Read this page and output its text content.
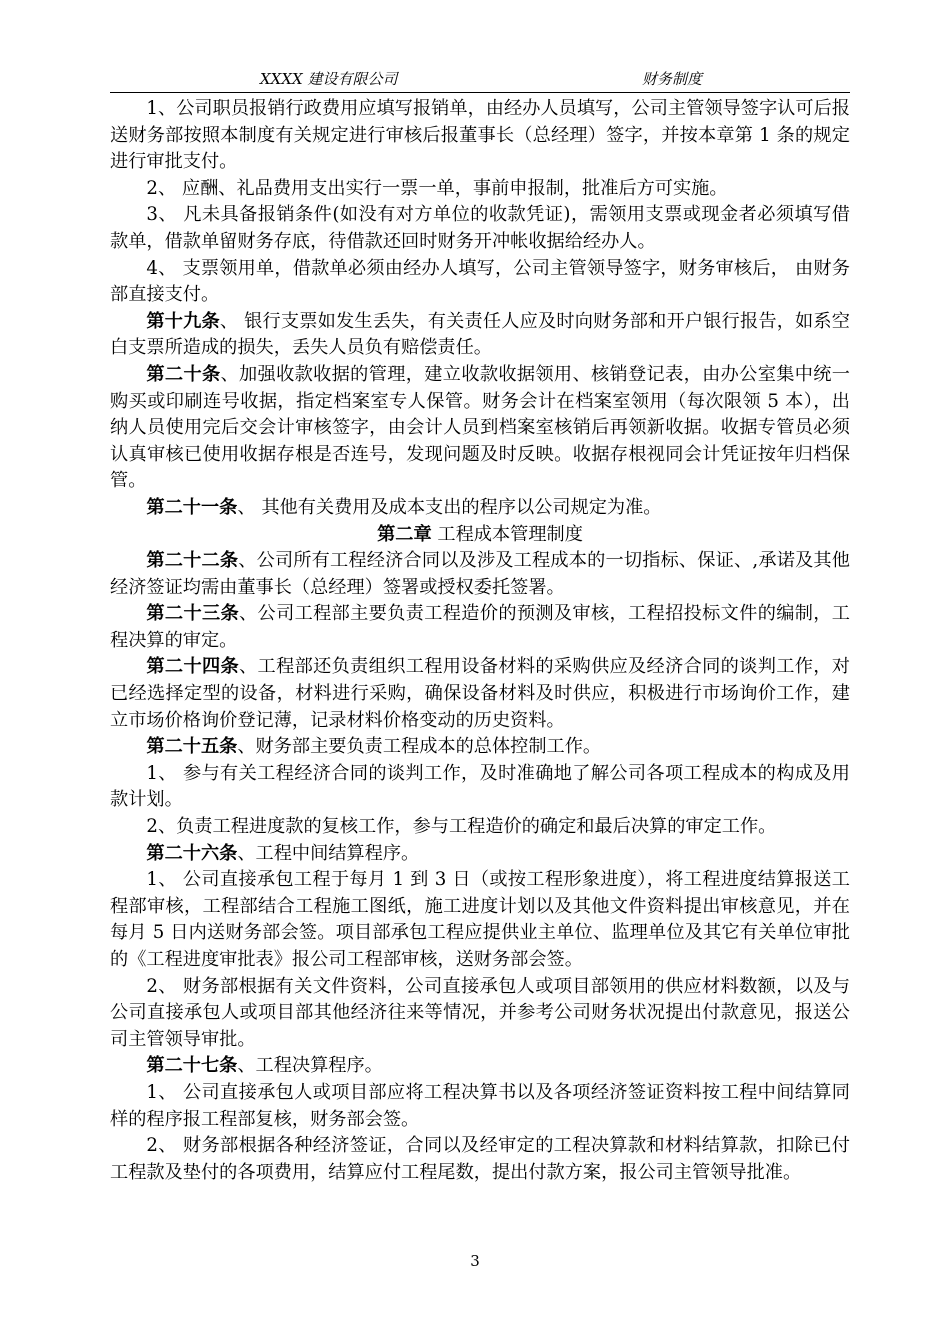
XXXX 建设有限公司	财务制度

1、公司职员报销行政费用应填写报销单，由经办人员填写，公司主管领导签字认可后报送财务部按照本制度有关规定进行审核后报董事长（总经理）签字，并按本章第 1 条的规定进行审批支付。

2、 应酬、礼品费用支出实行一票一单，事前申报制，批准后方可实施。

3、 凡未具备报销条件(如没有对方单位的收款凭证)，需领用支票或现金者必须填写借款单，借款单留财务存底，待借款还回时财务开冲帐收据给经办人。

4、 支票领用单，借款单必须由经办人填写，公司主管领导签字，财务审核后， 由财务部直接支付。

第十九条、 银行支票如发生丢失，有关责任人应及时向财务部和开户银行报告，如系空白支票所造成的损失，丢失人员负有赔偿责任。

第二十条、加强收款收据的管理，建立收款收据领用、核销登记表，由办公室集中统一购买或印刷连号收据，指定档案室专人保管。财务会计在档案室领用（每次限领 5 本），出纳人员使用完后交会计审核签字，由会计人员到档案室核销后再领新收据。收据专管员必须认真审核已使用收据存根是否连号，发现问题及时反映。收据存根视同会计凭证按年归档保管。

第二十一条、 其他有关费用及成本支出的程序以公司规定为准。

第二章 工程成本管理制度

第二十二条、公司所有工程经济合同以及涉及工程成本的一切指标、保证、,承诺及其他经济签证均需由董事长（总经理）签署或授权委托签署。

第二十三条、公司工程部主要负责工程造价的预测及审核，工程招投标文件的编制，工程决算的审定。

第二十四条、工程部还负责组织工程用设备材料的采购供应及经济合同的谈判工作，对已经选择定型的设备，材料进行采购，确保设备材料及时供应，积极进行市场询价工作，建立市场价格询价登记薄，记录材料价格变动的历史资料。

第二十五条、财务部主要负责工程成本的总体控制工作。

1、 参与有关工程经济合同的谈判工作，及时准确地了解公司各项工程成本的构成及用款计划。

2、负责工程进度款的复核工作，参与工程造价的确定和最后决算的审定工作。

第二十六条、工程中间结算程序。

1、 公司直接承包工程于每月 1 到 3 日（或按工程形象进度），将工程进度结算报送工程部审核，工程部结合工程施工图纸，施工进度计划以及其他文件资料提出审核意见，并在每月 5 日内送财务部会签。项目部承包工程应提供业主单位、监理单位及其它有关单位审批的《工程进度审批表》报公司工程部审核，送财务部会签。

2、 财务部根据有关文件资料，公司直接承包人或项目部领用的供应材料数额，以及与公司直接承包人或项目部其他经济往来等情况，并参考公司财务状况提出付款意见，报送公司主管领导审批。

第二十七条、工程决算程序。

1、 公司直接承包人或项目部应将工程决算书以及各项经济签证资料按工程中间结算同样的程序报工程部复核，财务部会签。

2、 财务部根据各种经济签证，合同以及经审定的工程决算款和材料结算款，扣除已付工程款及垫付的各项费用，结算应付工程尾数，提出付款方案，报公司主管领导批准。

3
